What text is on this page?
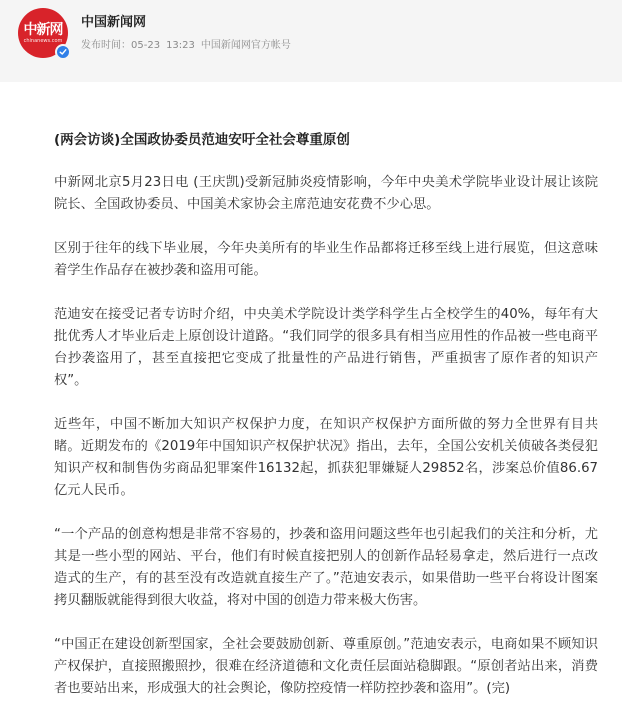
中新网
chinanews.com
中国新闻网
发布时间：05-23 13:23 中国新闻网官方帐号
(两会访谈)全国政协委员范迪安吁全社会尊重原创

中新网北京5月23日电 (王庆凯)受新冠肺炎疫情影响，今年中央美术学院毕业设计展让该院院长、全国政协委员、中国美术家协会主席范迪安花费不少心思。

区别于往年的线下毕业展，今年央美所有的毕业生作品都将迁移至线上进行展览，但这意味着学生作品存在被抄袭和盗用可能。

范迪安在接受记者专访时介绍，中央美术学院设计类学科学生占全校学生的40%，每年有大批优秀人才毕业后走上原创设计道路。“我们同学的很多具有相当应用性的作品被一些电商平台抄袭盗用了，甚至直接把它变成了批量性的产品进行销售，严重损害了原作者的知识产权”。

近些年，中国不断加大知识产权保护力度，在知识产权保护方面所做的努力全世界有目共睹。近期发布的《2019年中国知识产权保护状况》指出，去年，全国公安机关侦破各类侵犯知识产权和制售伪劣商品犯罪案件16132起，抓获犯罪嫌疑人29852名，涉案总价值86.67亿元人民币。

“一个产品的创意构想是非常不容易的，抄袭和盗用问题这些年也引起我们的关注和分析，尤其是一些小型的网站、平台，他们有时候直接把别人的创新作品轻易拿走，然后进行一点改造式的生产，有的甚至没有改造就直接生产了。”范迪安表示，如果借助一些平台将设计图案拷贝翻版就能得到很大收益，将对中国的创造力带来极大伤害。

“中国正在建设创新型国家，全社会要鼓励创新、尊重原创。”范迪安表示，电商如果不顾知识产权保护，直接照搬照抄，很难在经济道德和文化责任层面站稳脚跟。“原创者站出来，消费者也要站出来，形成强大的社会舆论，像防控疫情一样防控抄袭和盗用”。(完)
